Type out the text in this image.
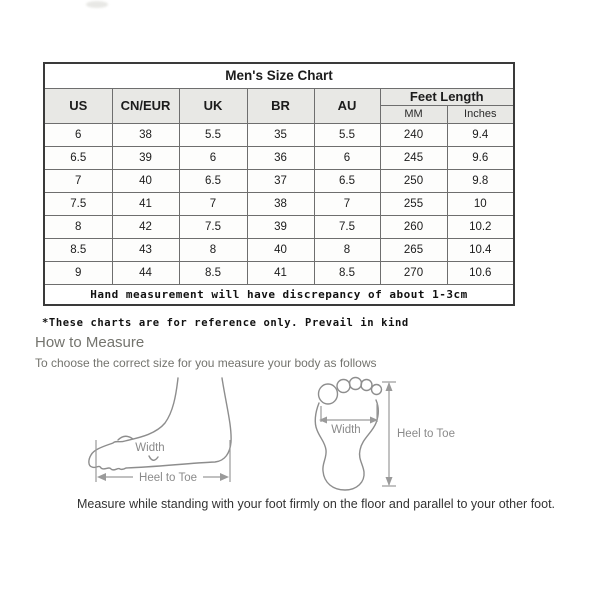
Men's Size Chart						
US	CN/EUR	UK	BR	AU	Feet Length	
					MM	Inches
6	38	5.5	35	5.5	240	9.4
6.5	39	6	36	6	245	9.6
7	40	6.5	37	6.5	250	9.8
7.5	41	7	38	7	255	10
8	42	7.5	39	7.5	260	10.2
8.5	43	8	40	8	265	10.4
9	44	8.5	41	8.5	270	10.6
Hand measurement will have discrepancy of about 1-3cm						
*These charts are for reference only. Prevail in kind
How to Measure
To choose the correct size for you measure your body as follows
Width
Heel to Toe
Width	Heel to Toe
Measure while standing with your foot firmly on the floor and parallel to your other foot.
